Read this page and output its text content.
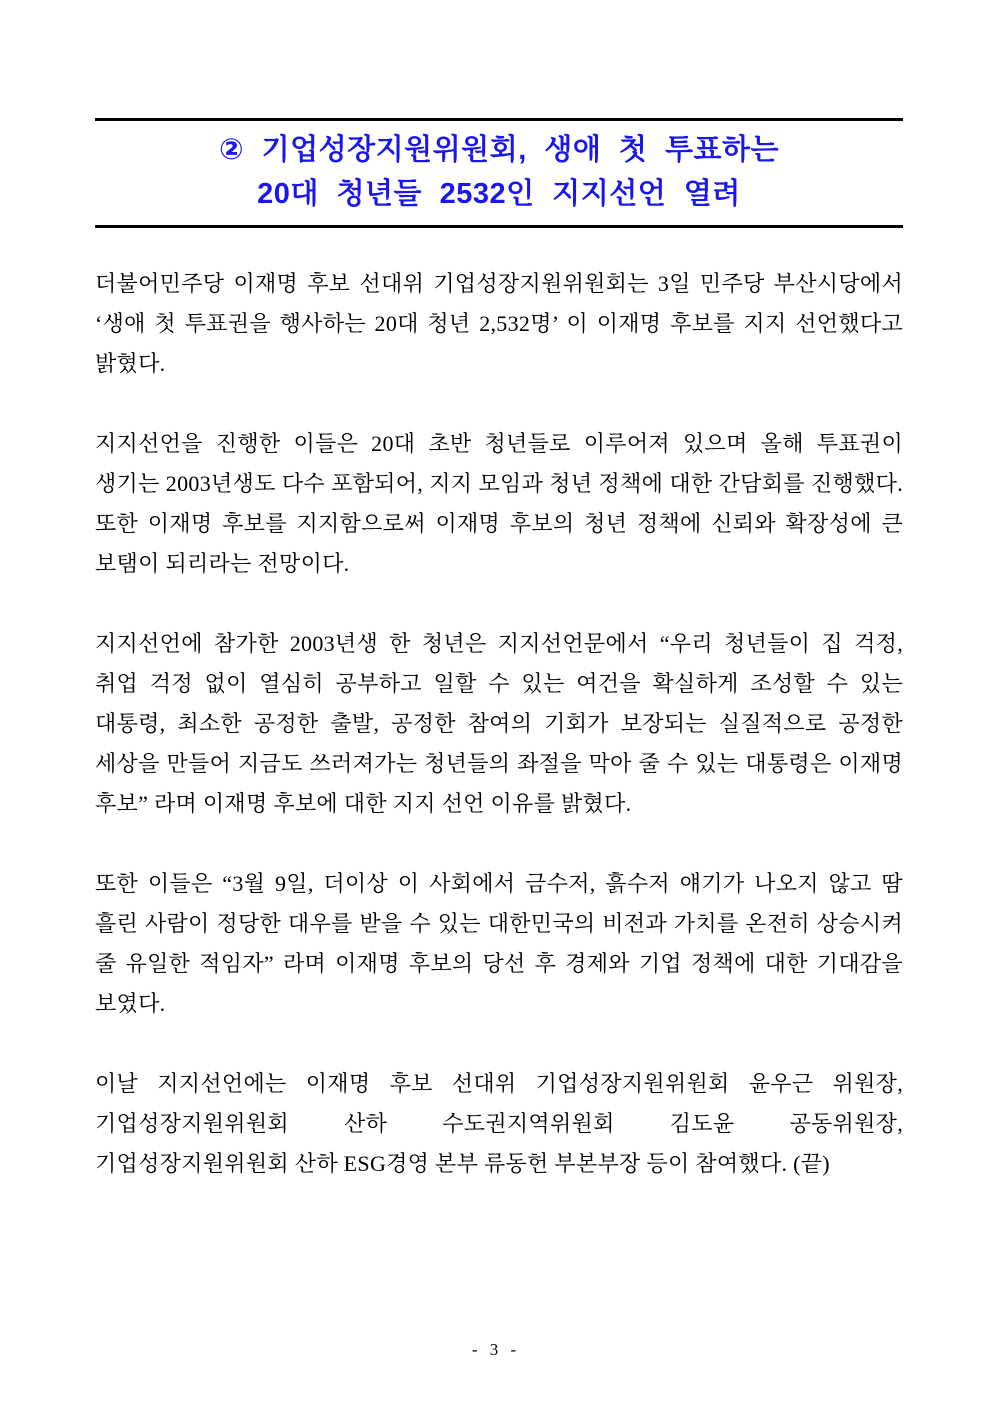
② 기업성장지원위원회, 생애 첫 투표하는
20대 청년들 2532인 지지선언 열려

더불어민주당 이재명 후보 선대위 기업성장지원위원회는 3일 민주당 부산시당에서 ‘생애 첫 투표권을 행사하는 20대 청년 2,532명’ 이 이재명 후보를 지지 선언했다고 밝혔다.

지지선언을 진행한 이들은 20대 초반 청년들로 이루어져 있으며 올해 투표권이 생기는 2003년생도 다수 포함되어, 지지 모임과 청년 정책에 대한 간담회를 진행했다. 또한 이재명 후보를 지지함으로써 이재명 후보의 청년 정책에 신뢰와 확장성에 큰 보탬이 되리라는 전망이다.

지지선언에 참가한 2003년생 한 청년은 지지선언문에서 “우리 청년들이 집 걱정, 취업 걱정 없이 열심히 공부하고 일할 수 있는 여건을 확실하게 조성할 수 있는 대통령, 최소한 공정한 출발, 공정한 참여의 기회가 보장되는 실질적으로 공정한 세상을 만들어 지금도 쓰러져가는 청년들의 좌절을 막아 줄 수 있는 대통령은 이재명 후보” 라며 이재명 후보에 대한 지지 선언 이유를 밝혔다.

또한 이들은 “3월 9일, 더이상 이 사회에서 금수저, 흙수저 얘기가 나오지 않고 땀 흘린 사람이 정당한 대우를 받을 수 있는 대한민국의 비전과 가치를 온전히 상승시켜 줄 유일한 적임자” 라며 이재명 후보의 당선 후 경제와 기업 정책에 대한 기대감을 보였다.

이날 지지선언에는 이재명 후보 선대위 기업성장지원위원회 윤우근 위원장, 기업성장지원위원회 산하 수도권지역위원회 김도윤 공동위원장, 기업성장지원위원회 산하 ESG경영 본부 류동헌 부본부장 등이 참여했다. (끝)

- 3 -
